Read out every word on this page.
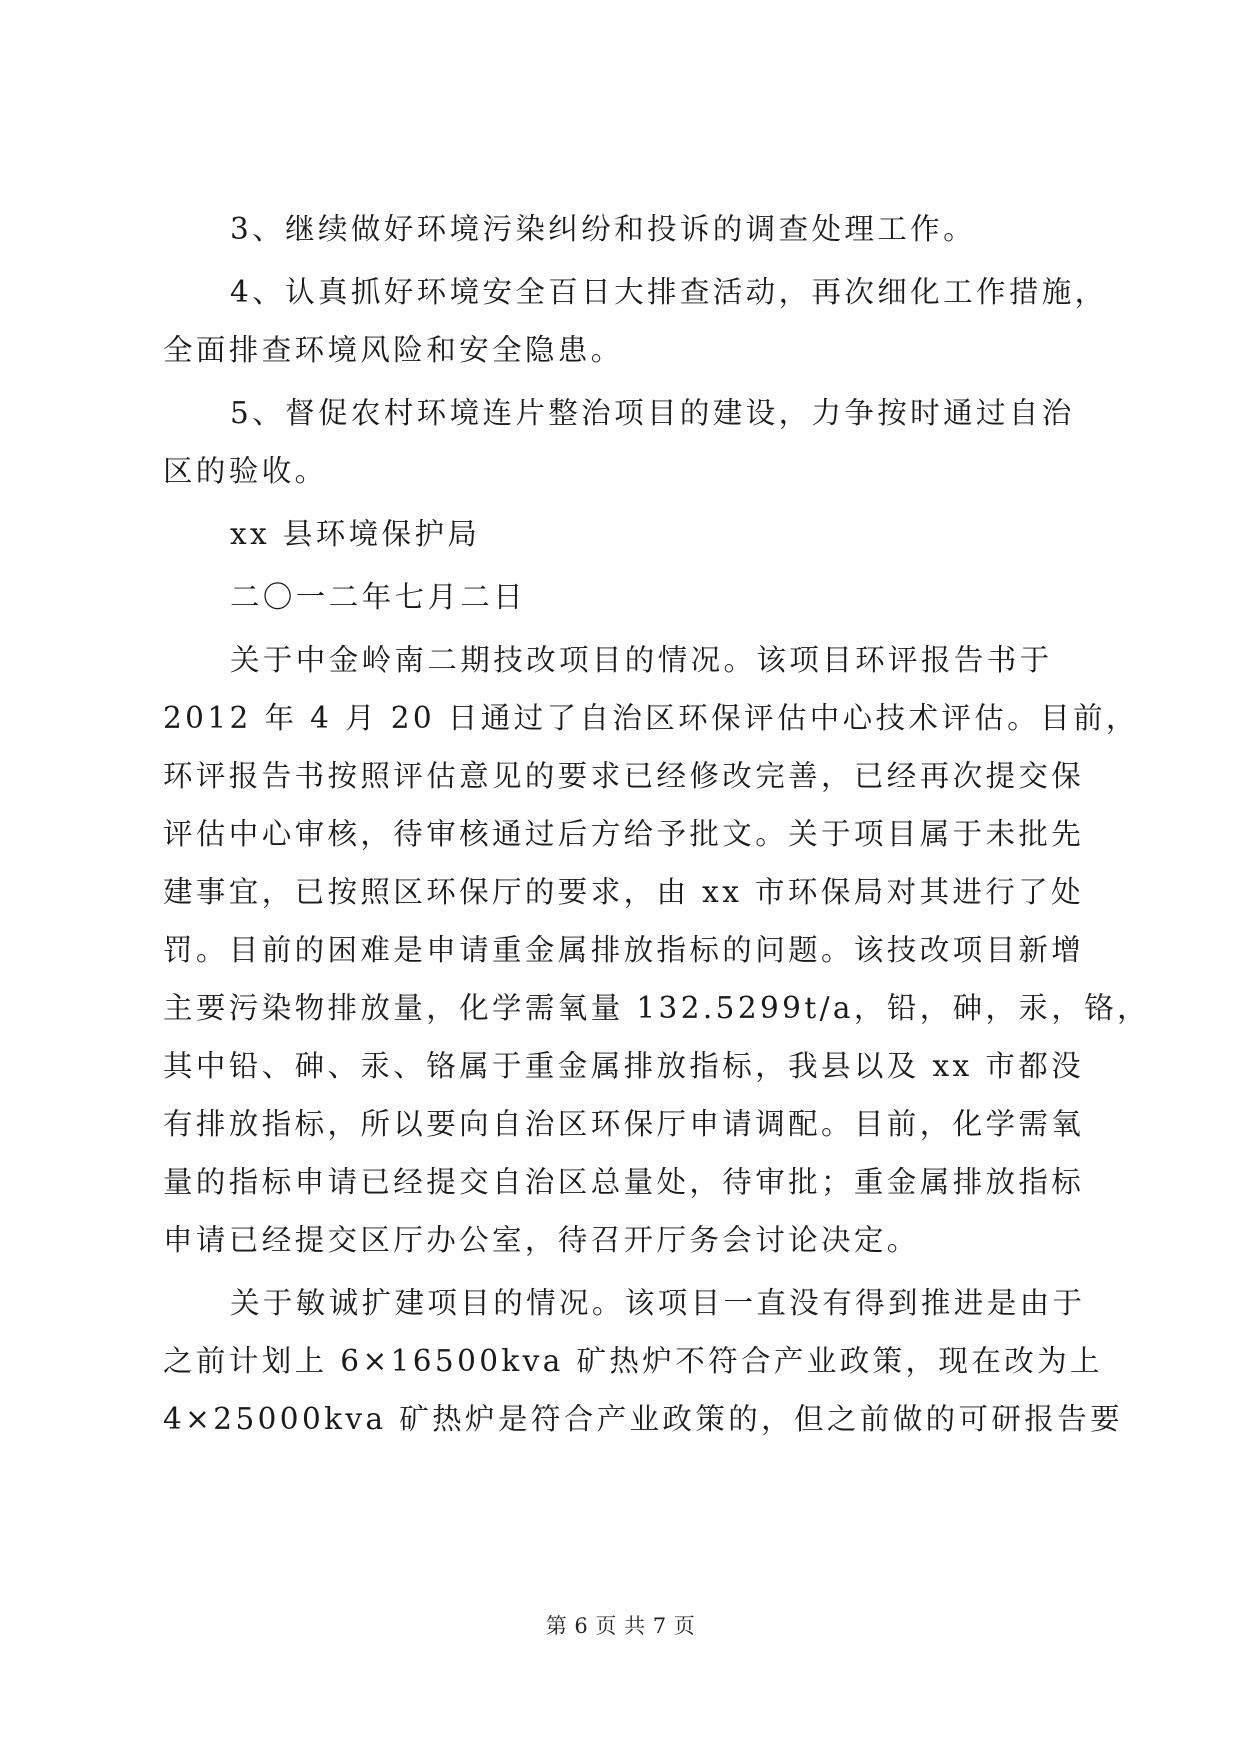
3、继续做好环境污染纠纷和投诉的调查处理工作。
4、认真抓好环境安全百日大排查活动，再次细化工作措施，
全面排查环境风险和安全隐患。
5、督促农村环境连片整治项目的建设，力争按时通过自治
区的验收。
xx 县环境保护局
二〇一二年七月二日
关于中金岭南二期技改项目的情况。该项目环评报告书于
2012 年 4 月 20 日通过了自治区环保评估中心技术评估。目前，
环评报告书按照评估意见的要求已经修改完善，已经再次提交保
评估中心审核，待审核通过后方给予批文。关于项目属于未批先
建事宜，已按照区环保厅的要求，由 xx 市环保局对其进行了处
罚。目前的困难是申请重金属排放指标的问题。该技改项目新增
主要污染物排放量，化学需氧量 132.5299t/a，铅，砷，汞，铬，
其中铅、砷、汞、铬属于重金属排放指标，我县以及 xx 市都没
有排放指标，所以要向自治区环保厅申请调配。目前，化学需氧
量的指标申请已经提交自治区总量处，待审批；重金属排放指标
申请已经提交区厅办公室，待召开厅务会讨论决定。
关于敏诚扩建项目的情况。该项目一直没有得到推进是由于
之前计划上 6×16500kva 矿热炉不符合产业政策，现在改为上
4×25000kva 矿热炉是符合产业政策的，但之前做的可研报告要
第 6 页 共 7 页
